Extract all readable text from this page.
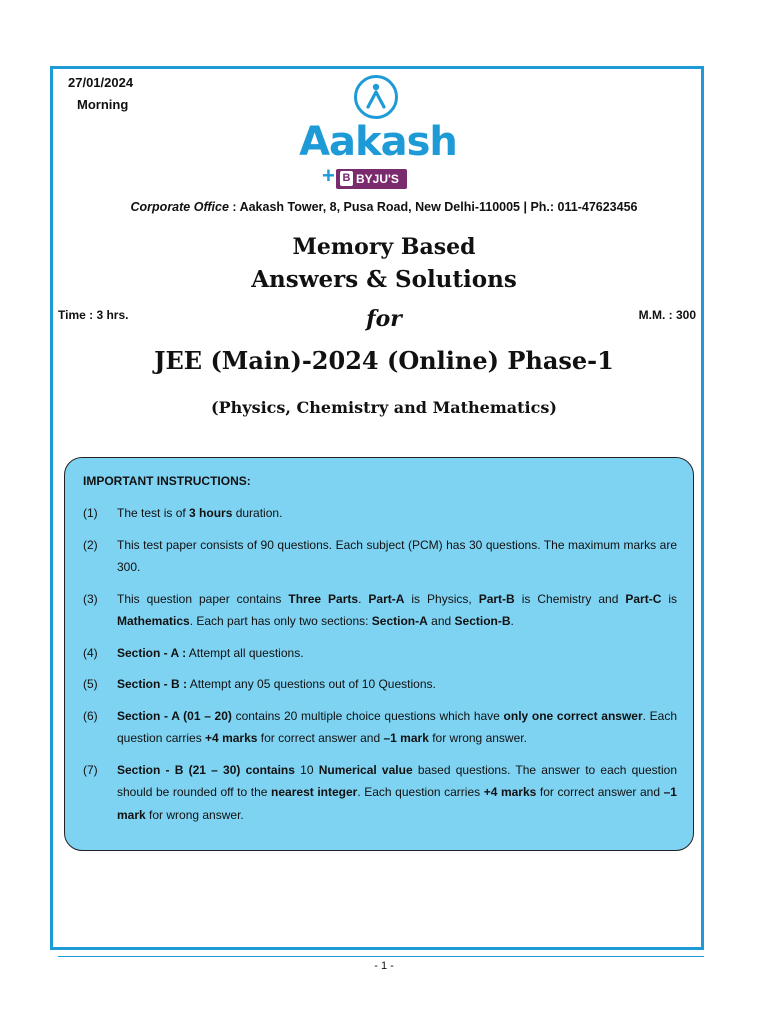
27/01/2024
Morning
Aakash
+ B BYJU'S
Corporate Office : Aakash Tower, 8, Pusa Road, New Delhi-110005 | Ph.: 011-47623456
Memory Based
Answers & Solutions
Time : 3 hrs.	for	M.M. : 300
JEE (Main)-2024 (Online) Phase-1
(Physics, Chemistry and Mathematics)
IMPORTANT INSTRUCTIONS:
(1)	The test is of 3 hours duration.
(2)	This test paper consists of 90 questions. Each subject (PCM) has 30 questions. The maximum marks are 300.
(3)	This question paper contains Three Parts. Part-A is Physics, Part-B is Chemistry and Part-C is Mathematics. Each part has only two sections: Section-A and Section-B.
(4)	Section - A : Attempt all questions.
(5)	Section - B : Attempt any 05 questions out of 10 Questions.
(6)	Section - A (01 – 20) contains 20 multiple choice questions which have only one correct answer. Each question carries +4 marks for correct answer and –1 mark for wrong answer.
(7)	Section - B (21 – 30) contains 10 Numerical value based questions. The answer to each question should be rounded off to the nearest integer. Each question carries +4 marks for correct answer and –1 mark for wrong answer.
- 1 -
